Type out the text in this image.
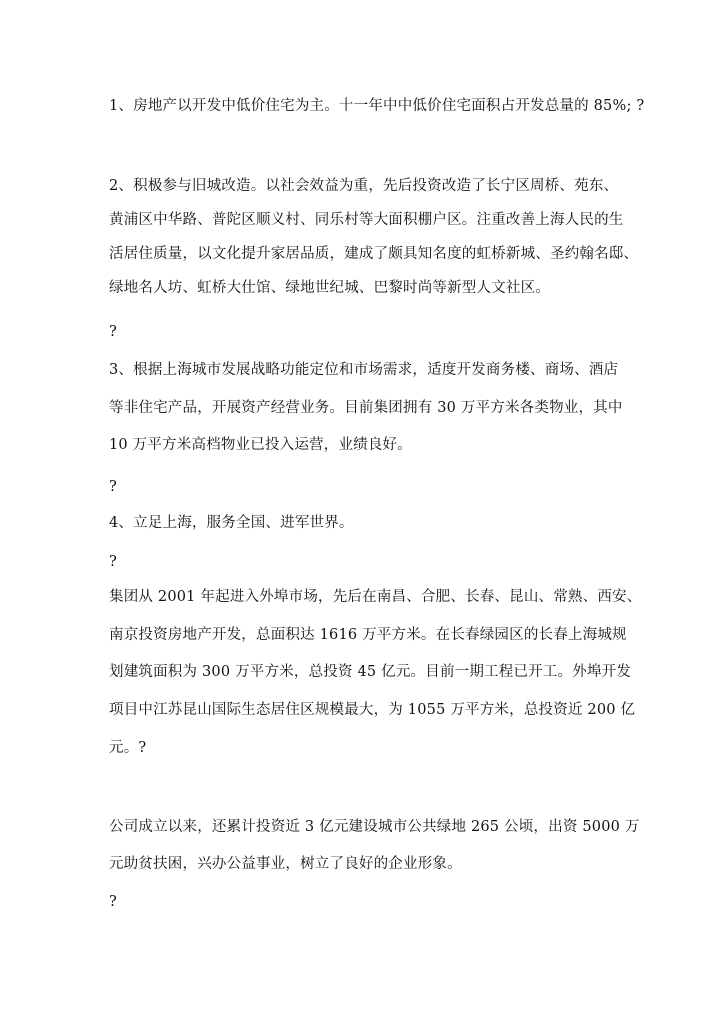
1、房地产以开发中低价住宅为主。十一年中中低价住宅面积占开发总量的 85%; ?
2、积极参与旧城改造。以社会效益为重，先后投资改造了长宁区周桥、苑东、
黄浦区中华路、普陀区顺义村、同乐村等大面积棚户区。注重改善上海人民的生
活居住质量，以文化提升家居品质，建成了颇具知名度的虹桥新城、圣约翰名邸、
绿地名人坊、虹桥大仕馆、绿地世纪城、巴黎时尚等新型人文社区。
?
3、根据上海城市发展战略功能定位和市场需求，适度开发商务楼、商场、酒店
等非住宅产品，开展资产经营业务。目前集团拥有 30 万平方米各类物业，其中
10 万平方米高档物业已投入运营，业绩良好。
?
4、立足上海，服务全国、进军世界。
?
集团从 2001 年起进入外埠市场，先后在南昌、合肥、长春、昆山、常熟、西安、
南京投资房地产开发，总面积达 1616 万平方米。在长春绿园区的长春上海城规
划建筑面积为 300 万平方米，总投资 45 亿元。目前一期工程已开工。外埠开发
项目中江苏昆山国际生态居住区规模最大，为 1055 万平方米，总投资近 200 亿
元。?
公司成立以来，还累计投资近 3 亿元建设城市公共绿地 265 公顷，出资 5000 万
元助贫扶困，兴办公益事业，树立了良好的企业形象。
?
